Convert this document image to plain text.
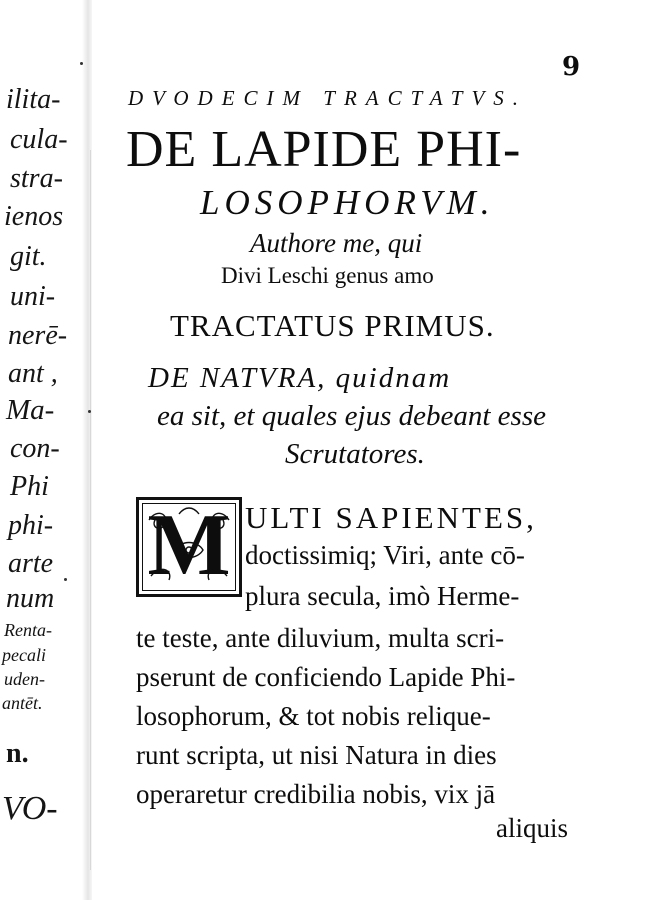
ilita-
cula-
stra-
ienos
git.
uni-
nerē-
ant ,
Ma-
con-
Phi
phi-
arte
num
Renta-
pecali
uden-
antēt.
n.
VO-
9
DVODECIM TRACTATVS.
DE LAPIDE PHI-
LOSOPHORVM.
Authore me, qui
Divi Leschi genus amo
TRACTATUS PRIMUS.
DE NATVRA, quidnam
ea sit, et quales ejus debeant esse
Scrutatores.
M ULTI SAPIENTES,
doctissimiq; Viri, ante cō-
plura secula, imò Herme-
te teste, ante diluvium, multa scri-
pserunt de conficiendo Lapide Phi-
losophorum, & tot nobis relique-
runt scripta, ut nisi Natura in dies
operaretur credibilia nobis, vix jā
aliquis
